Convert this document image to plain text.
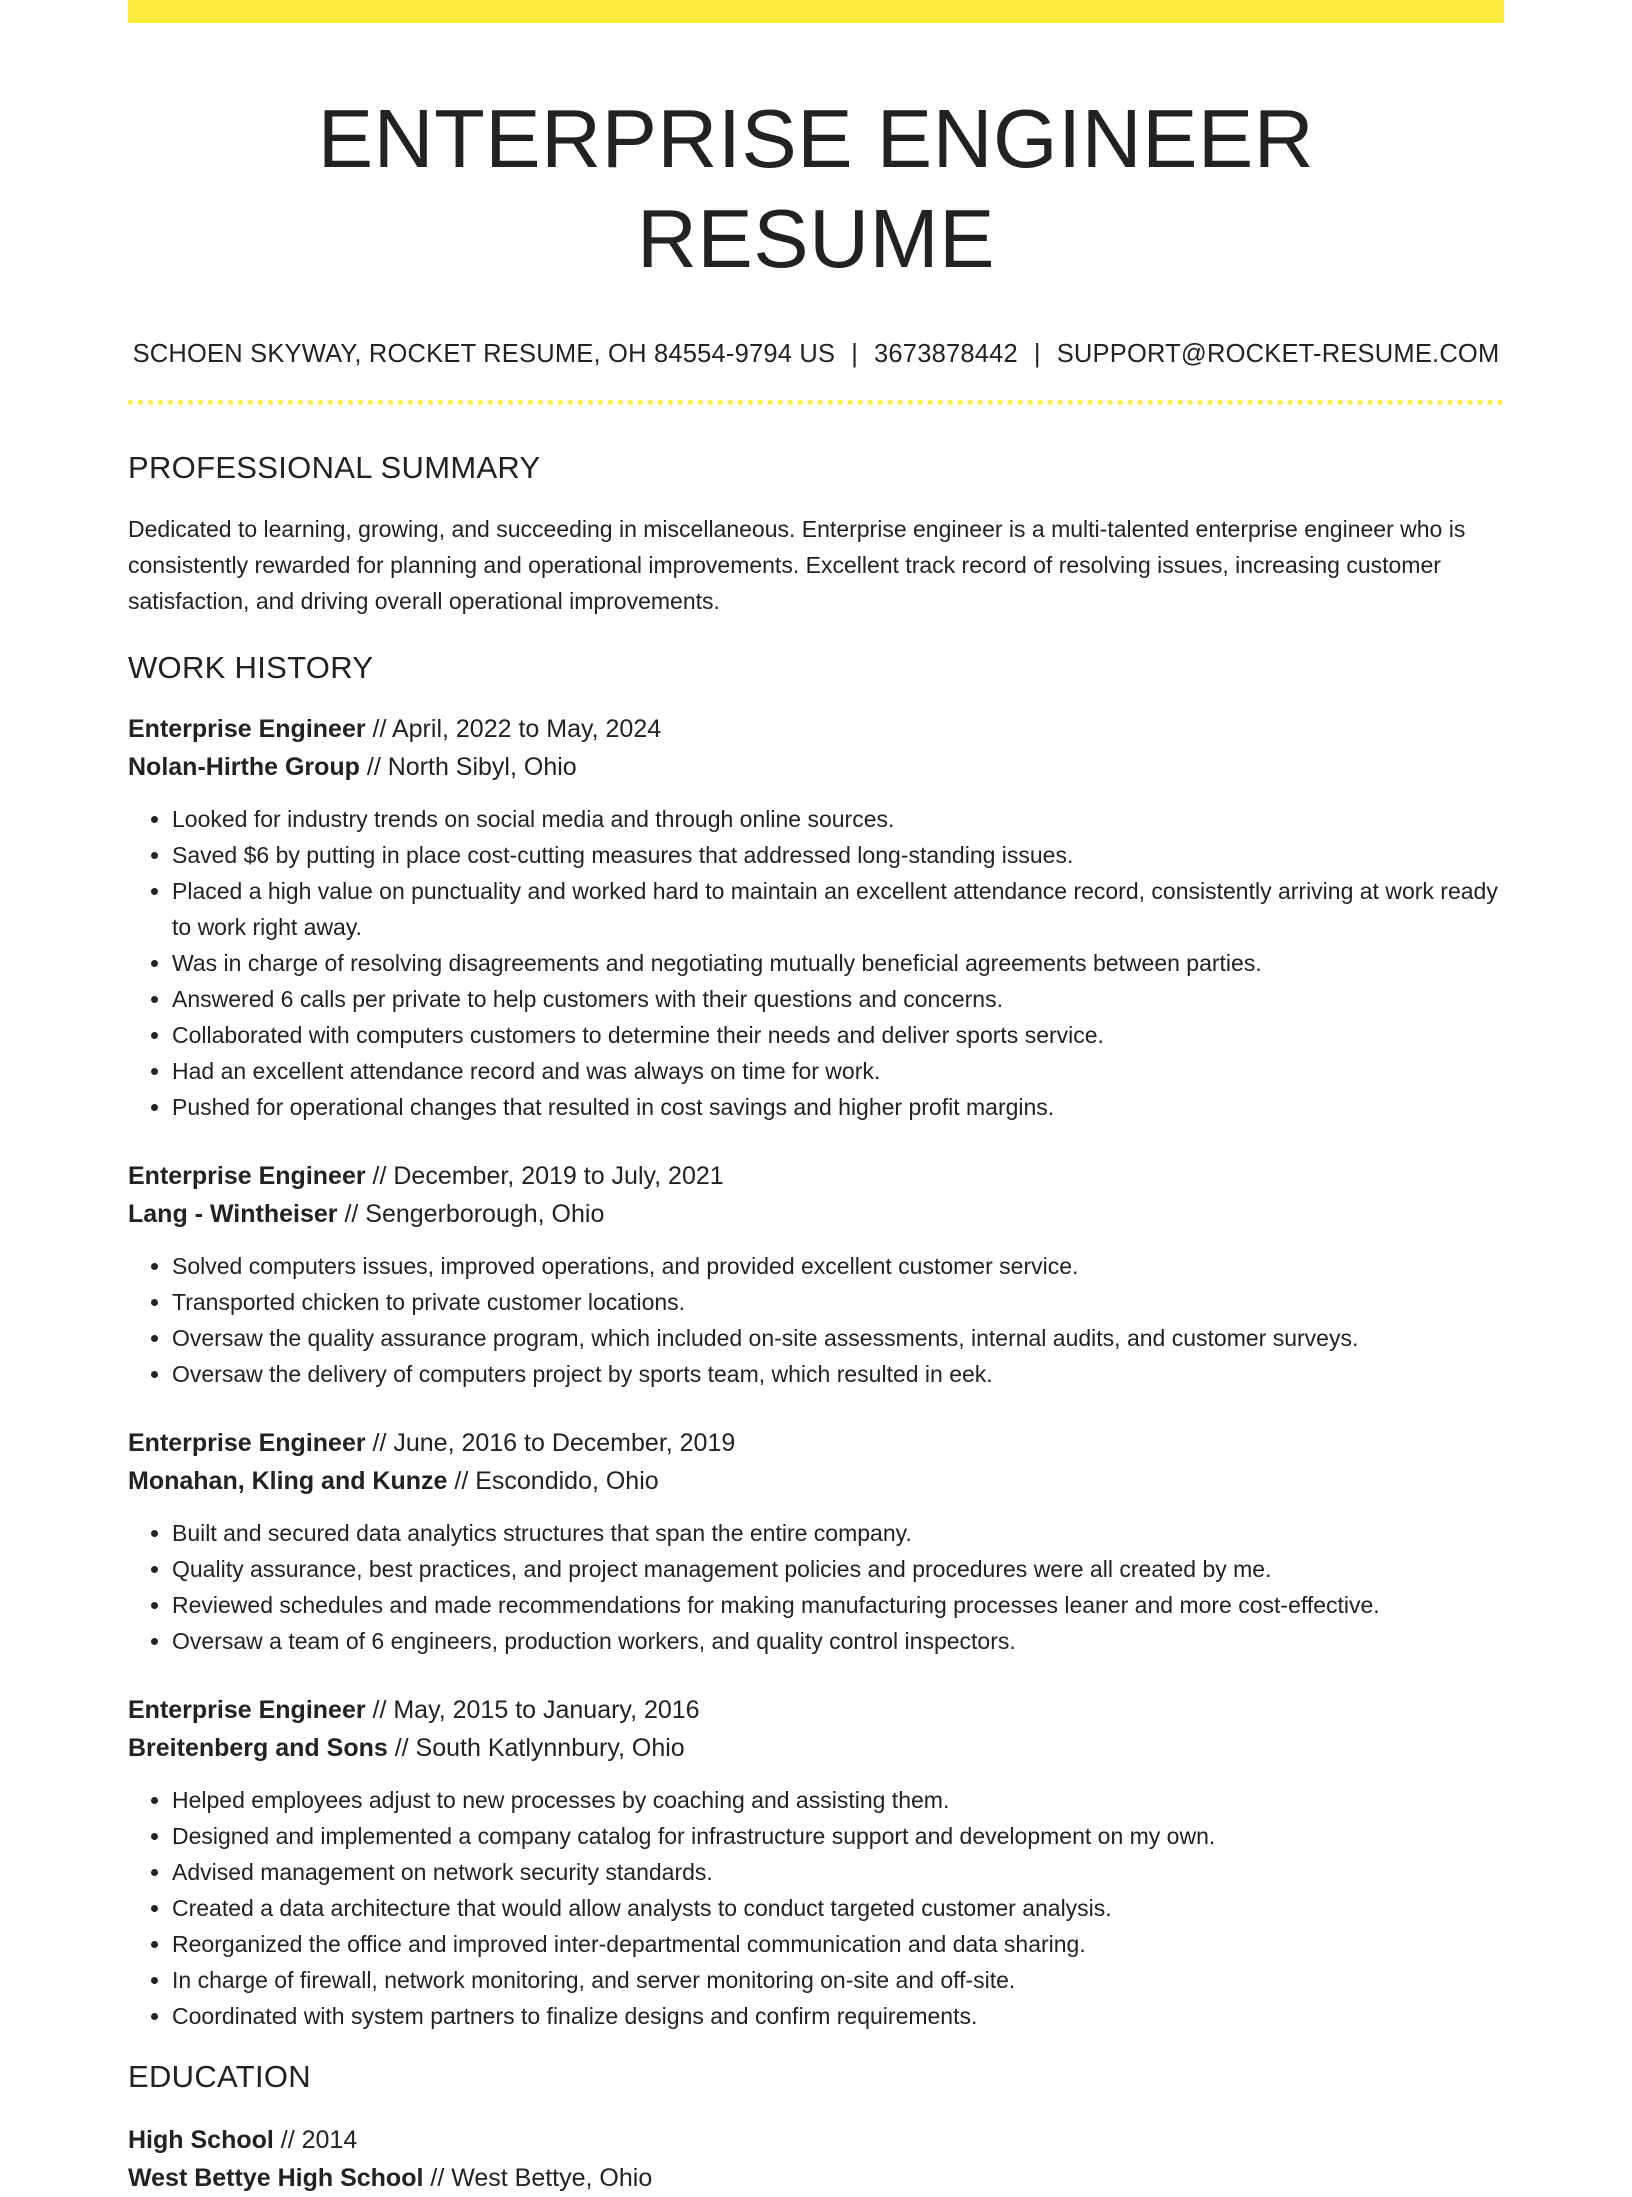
ENTERPRISE ENGINEER RESUME
SCHOEN SKYWAY, ROCKET RESUME, OH 84554-9794 US | 3673878442 | SUPPORT@ROCKET-RESUME.COM
PROFESSIONAL SUMMARY
Dedicated to learning, growing, and succeeding in miscellaneous. Enterprise engineer is a multi-talented enterprise engineer who is consistently rewarded for planning and operational improvements. Excellent track record of resolving issues, increasing customer satisfaction, and driving overall operational improvements.
WORK HISTORY
Enterprise Engineer // April, 2022 to May, 2024
Nolan-Hirthe Group // North Sibyl, Ohio
• Looked for industry trends on social media and through online sources.
• Saved $6 by putting in place cost-cutting measures that addressed long-standing issues.
• Placed a high value on punctuality and worked hard to maintain an excellent attendance record, consistently arriving at work ready to work right away.
• Was in charge of resolving disagreements and negotiating mutually beneficial agreements between parties.
• Answered 6 calls per private to help customers with their questions and concerns.
• Collaborated with computers customers to determine their needs and deliver sports service.
• Had an excellent attendance record and was always on time for work.
• Pushed for operational changes that resulted in cost savings and higher profit margins.
Enterprise Engineer // December, 2019 to July, 2021
Lang - Wintheiser // Sengerborough, Ohio
• Solved computers issues, improved operations, and provided excellent customer service.
• Transported chicken to private customer locations.
• Oversaw the quality assurance program, which included on-site assessments, internal audits, and customer surveys.
• Oversaw the delivery of computers project by sports team, which resulted in eek.
Enterprise Engineer // June, 2016 to December, 2019
Monahan, Kling and Kunze // Escondido, Ohio
• Built and secured data analytics structures that span the entire company.
• Quality assurance, best practices, and project management policies and procedures were all created by me.
• Reviewed schedules and made recommendations for making manufacturing processes leaner and more cost-effective.
• Oversaw a team of 6 engineers, production workers, and quality control inspectors.
Enterprise Engineer // May, 2015 to January, 2016
Breitenberg and Sons // South Katlynnbury, Ohio
• Helped employees adjust to new processes by coaching and assisting them.
• Designed and implemented a company catalog for infrastructure support and development on my own.
• Advised management on network security standards.
• Created a data architecture that would allow analysts to conduct targeted customer analysis.
• Reorganized the office and improved inter-departmental communication and data sharing.
• In charge of firewall, network monitoring, and server monitoring on-site and off-site.
• Coordinated with system partners to finalize designs and confirm requirements.
EDUCATION
High School // 2014
West Bettye High School // West Bettye, Ohio
